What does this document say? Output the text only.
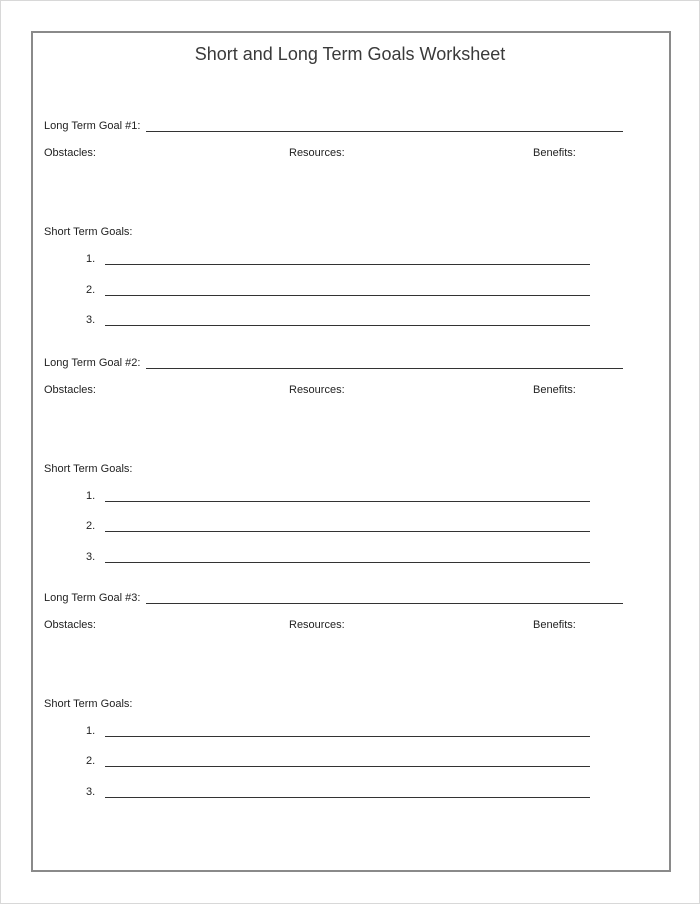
Short and Long Term Goals Worksheet
Long Term Goal #1:
Obstacles:	Resources:	Benefits:
Short Term Goals:
1.
2.
3.
Long Term Goal #2:
Obstacles:	Resources:	Benefits:
Short Term Goals:
1.
2.
3.
Long Term Goal #3:
Obstacles:	Resources:	Benefits:
Short Term Goals:
1.
2.
3.
